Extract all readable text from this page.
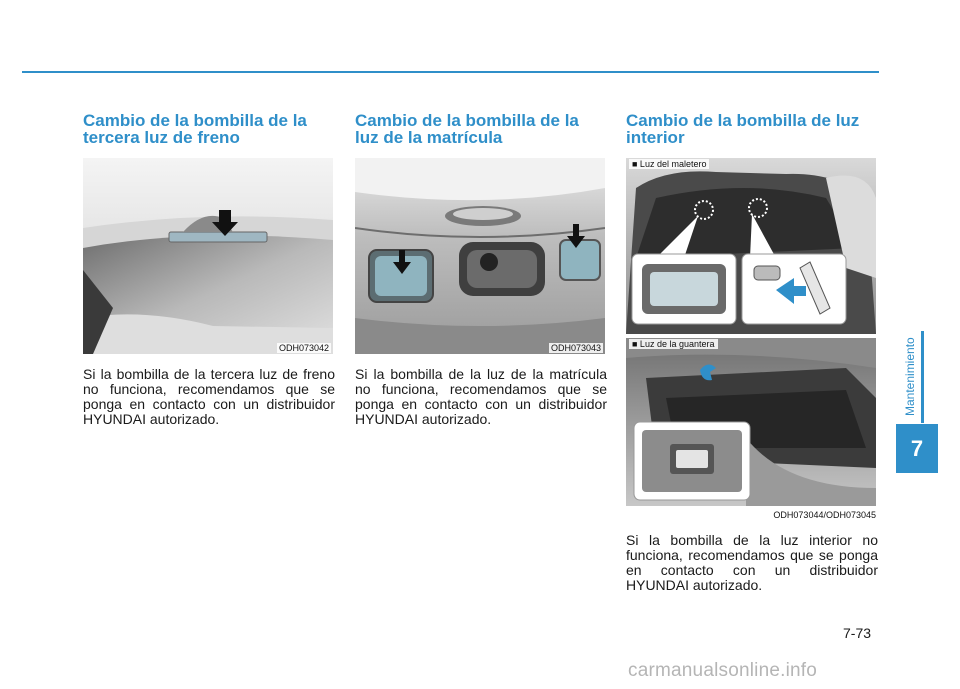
Cambio de la bombilla de la
tercera luz de freno
ODH073042

Si la bombilla de la tercera luz de freno no funciona, recomendamos que se ponga en contacto con un distribuidor HYUNDAI autorizado.

Cambio de la bombilla de la
luz de la matrícula
ODH073043

Si la bombilla de la luz de la matrícula no funciona, recomendamos que se ponga en contacto con un distribuidor HYUNDAI autorizado.

Cambio de la bombilla de luz
interior
■ Luz del maletero
■ Luz de la guantera
ODH073044/ODH073045

Si la bombilla de la luz interior no funciona, recomendamos que se ponga en contacto con un distribuidor HYUNDAI autorizado.

Mantenimiento
7
7-73
carmanualsonline.info
